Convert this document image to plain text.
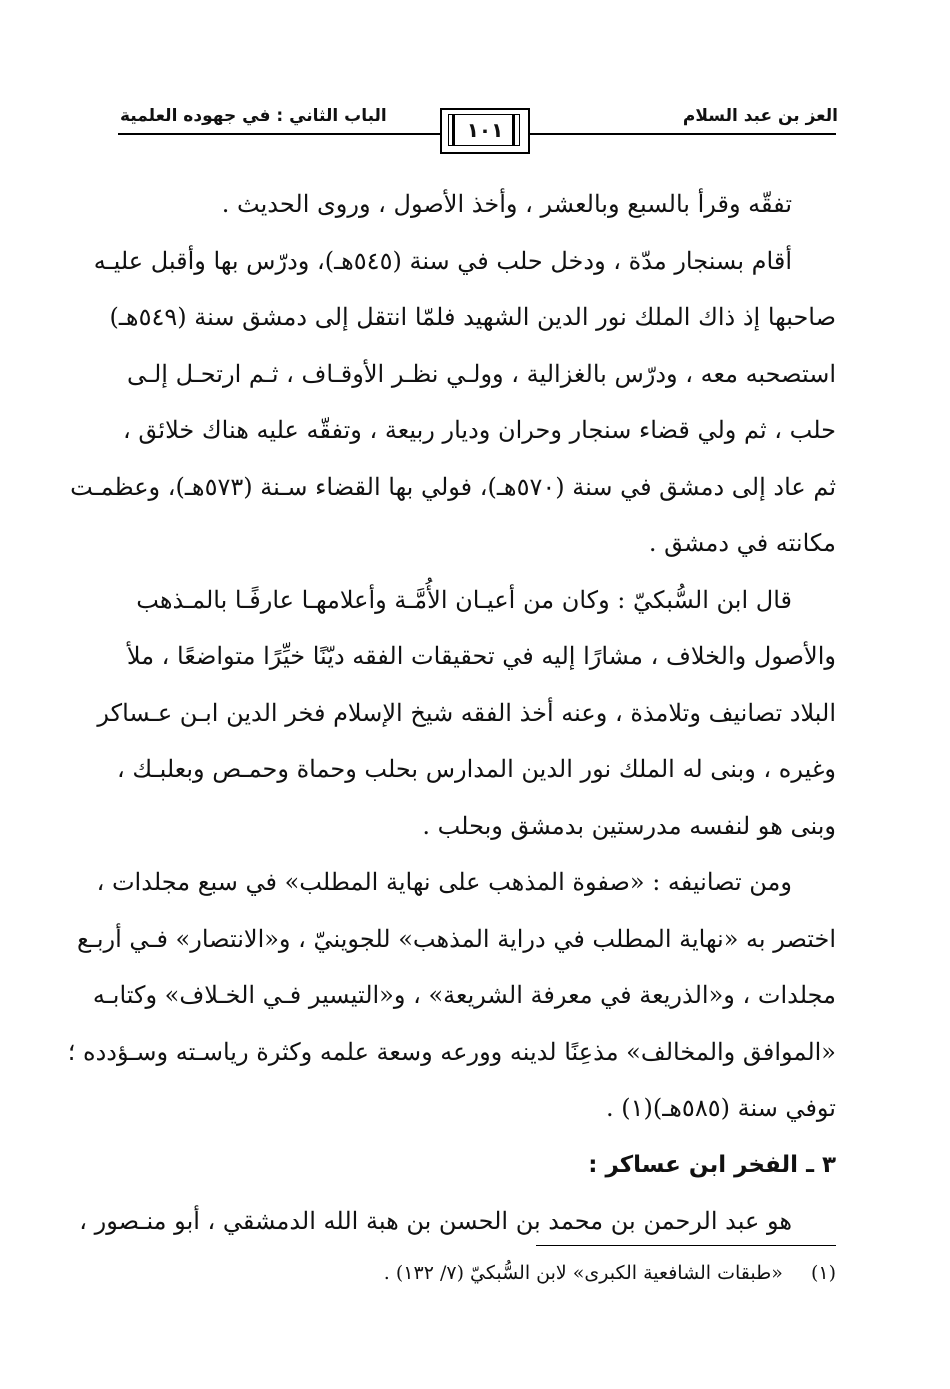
العز بن عبد السلام
الباب الثاني : في جهوده العلمية
١٠١
تفقّه وقرأ بالسبع وبالعشر ، وأخذ الأصول ، وروى الحديث .
أقام بسنجار مدّة ، ودخل حلب في سنة (٥٤٥هـ)، ودرّس بها وأقبل عليـه
صاحبها إذ ذاك الملك نور الدين الشهيد فلمّا انتقل إلى دمشق سنة (٥٤٩هـ)
استصحبه معه ، ودرّس بالغزالية ، وولـي نظـر الأوقـاف ، ثـم ارتحـل إلـى
حلب ، ثم ولي قضاء سنجار وحران وديار ربيعة ، وتفقّه عليه هناك خلائق ،
ثم عاد إلى دمشق في سنة (٥٧٠هـ)، فولي بها القضاء سـنة (٥٧٣هـ)، وعظمـت
مكانته في دمشق .
قال ابن السُّبكيّ : وكان من أعيـان الأُمَّـة وأعلامهـا عارفًـا بالمـذهب
والأصول والخلاف ، مشارًا إليه في تحقيقات الفقه ديّنًا خيِّرًا متواضعًا ، ملأ
البلاد تصانيف وتلامذة ، وعنه أخذ الفقه شيخ الإسلام فخر الدين ابـن عـساكر
وغيره ، وبنى له الملك نور الدين المدارس بحلب وحماة وحمـص وبعلبـك ،
وبنى هو لنفسه مدرستين بدمشق وبحلب .
ومن تصانيفه : «صفوة المذهب على نهاية المطلب» في سبع مجلدات ،
اختصر به «نهاية المطلب في دراية المذهب» للجوينيّ ، و«الانتصار» فـي أربـع
مجلدات ، و«الذريعة في معرفة الشريعة» ، و«التيسير فـي الخـلاف» وكتابـه
«الموافق والمخالف» مذعِنًا لدينه وورعه وسعة علمه وكثرة رياسـته وسـؤدده ؛
توفي سنة (٥٨٥هـ)(١) .
٣ ـ الفخر ابن عساكر :
هو عبد الرحمن بن محمد بن الحسن بن هبة الله الدمشقي ، أبو منـصور ،
(١) «طبقات الشافعية الكبرى» لابن السُّبكيّ (٧/ ١٣٢) .
